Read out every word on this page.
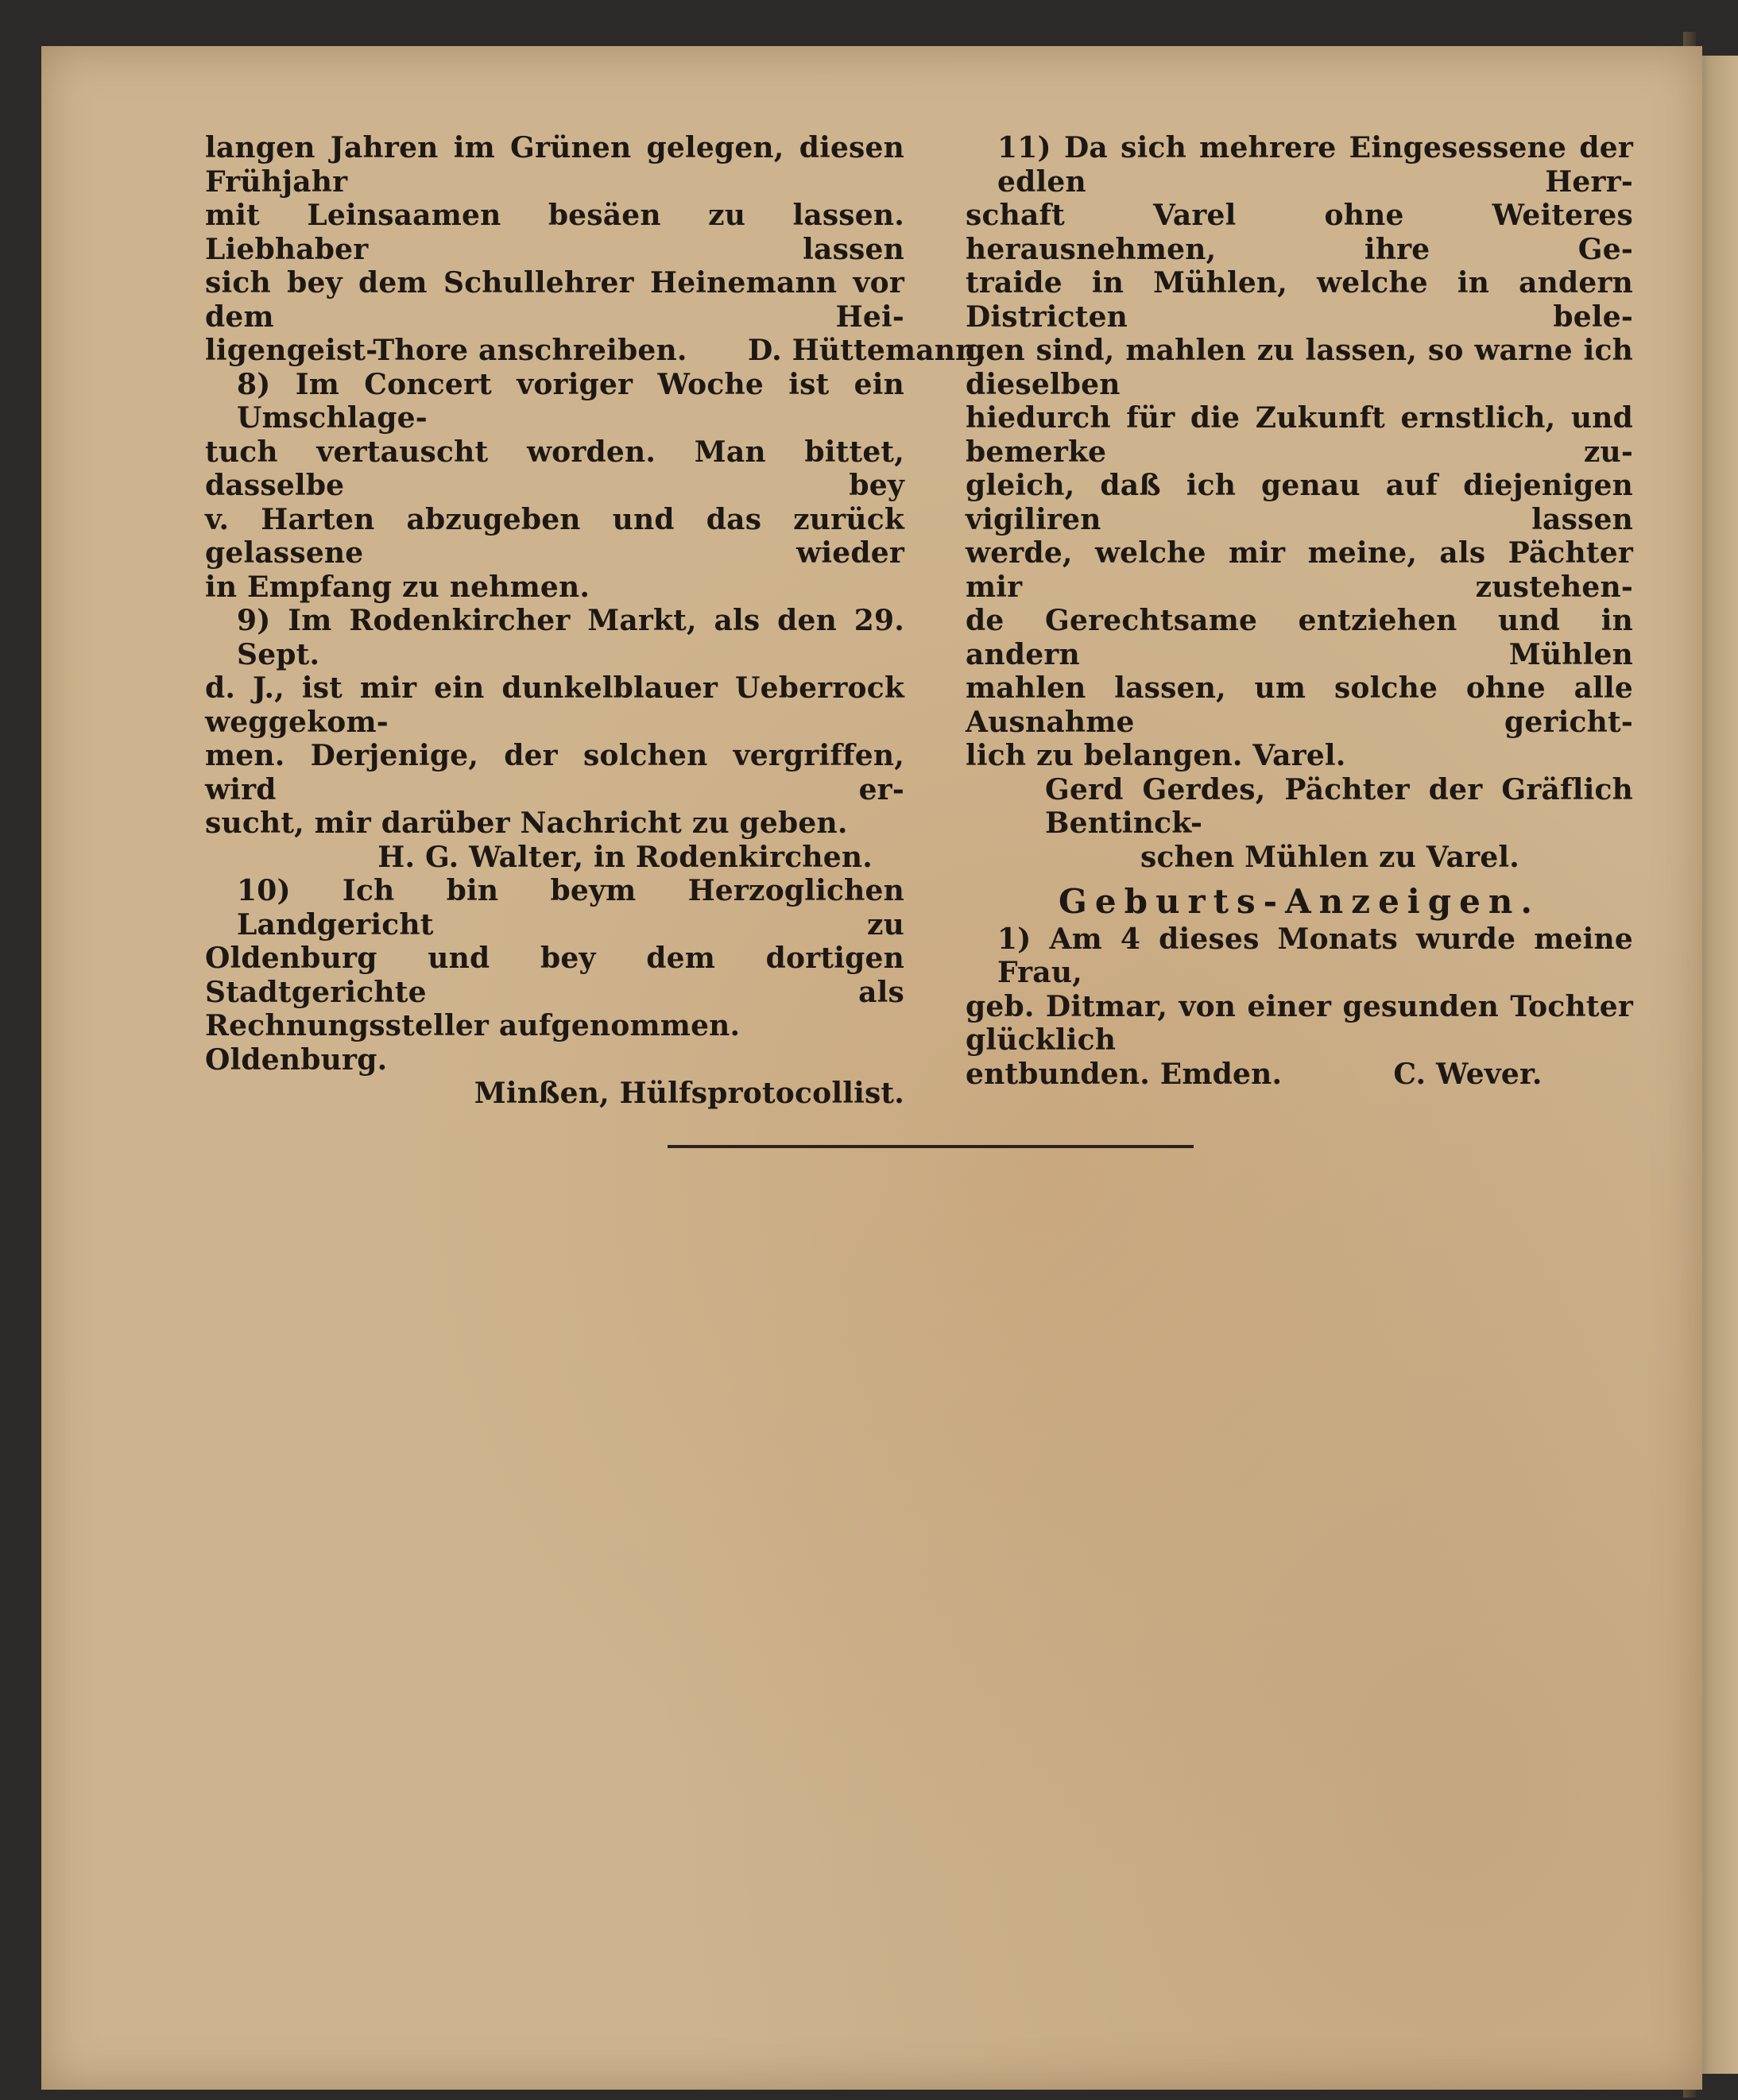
langen Jahren im Grünen gelegen, diesen Frühjahr

mit Leinsaamen besäen zu lassen. Liebhaber lassen

sich bey dem Schullehrer Heinemann vor dem Hei-

ligengeist-Thore anschreiben.      D. Hüttemann.

8) Im Concert voriger Woche ist ein Umschlage-

tuch vertauscht worden. Man bittet, dasselbe bey

v. Harten abzugeben und das zurück gelassene wieder

in Empfang zu nehmen.

9) Im Rodenkircher Markt, als den 29. Sept.

d. J., ist mir ein dunkelblauer Ueberrock weggekom-

men. Derjenige, der solchen vergriffen, wird er-

sucht, mir darüber Nachricht zu geben.

H. G. Walter, in Rodenkirchen.

10) Ich bin beym Herzoglichen Landgericht zu

Oldenburg und bey dem dortigen Stadtgerichte als

Rechnungssteller aufgenommen. Oldenburg.

Minßen, Hülfsprotocollist.

11) Da sich mehrere Eingesessene der edlen Herr-

schaft Varel ohne Weiteres herausnehmen, ihre Ge-

traide in Mühlen, welche in andern Districten bele-

gen sind, mahlen zu lassen, so warne ich dieselben

hiedurch für die Zukunft ernstlich, und bemerke zu-

gleich, daß ich genau auf diejenigen vigiliren lassen

werde, welche mir meine, als Pächter mir zustehen-

de Gerechtsame entziehen und in andern Mühlen

mahlen lassen, um solche ohne alle Ausnahme gericht-

lich zu belangen. Varel.

Gerd Gerdes, Pächter der Gräflich Bentinck-

schen Mühlen zu Varel.

Geburts-Anzeigen.

1) Am 4 dieses Monats wurde meine Frau,

geb. Ditmar, von einer gesunden Tochter glücklich

entbunden. Emden.           C. Wever.
